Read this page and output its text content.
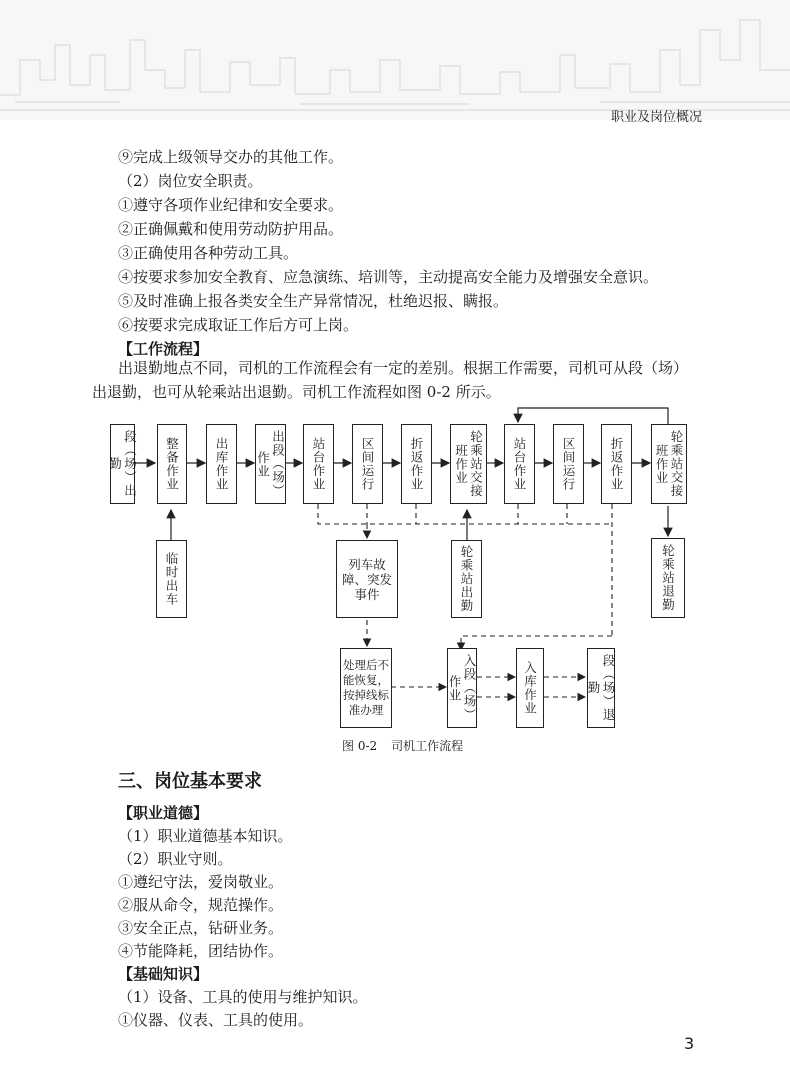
职业及岗位概况
⑨完成上级领导交办的其他工作。
（2）岗位安全职责。
①遵守各项作业纪律和安全要求。
②正确佩戴和使用劳动防护用品。
③正确使用各种劳动工具。
④按要求参加安全教育、应急演练、培训等，主动提高安全能力及增强安全意识。
⑤及时准确上报各类安全生产异常情况，杜绝迟报、瞒报。
⑥按要求完成取证工作后方可上岗。
【工作流程】
出退勤地点不同，司机的工作流程会有一定的差别。根据工作需要，司机可从段（场）出退勤，也可从轮乘站出退勤。司机工作流程如图 0-2 所示。
段（场）出勤	整备作业	出库作业	出段（场）作业	站台作业	区间运行	折返作业	轮乘站交接班作业	站台作业	区间运行	折返作业	轮乘站交接班作业
临时出车	列车故障、突发事件	轮乘站出勤	轮乘站退勤
处理后不能恢复，按掉线标准办理	入段（场）作业	入库作业	段（场）退勤
图 0-2 司机工作流程
三、岗位基本要求
【职业道德】
（1）职业道德基本知识。
（2）职业守则。
①遵纪守法，爱岗敬业。
②服从命令，规范操作。
③安全正点，钻研业务。
④节能降耗，团结协作。
【基础知识】
（1）设备、工具的使用与维护知识。
①仪器、仪表、工具的使用。
3
